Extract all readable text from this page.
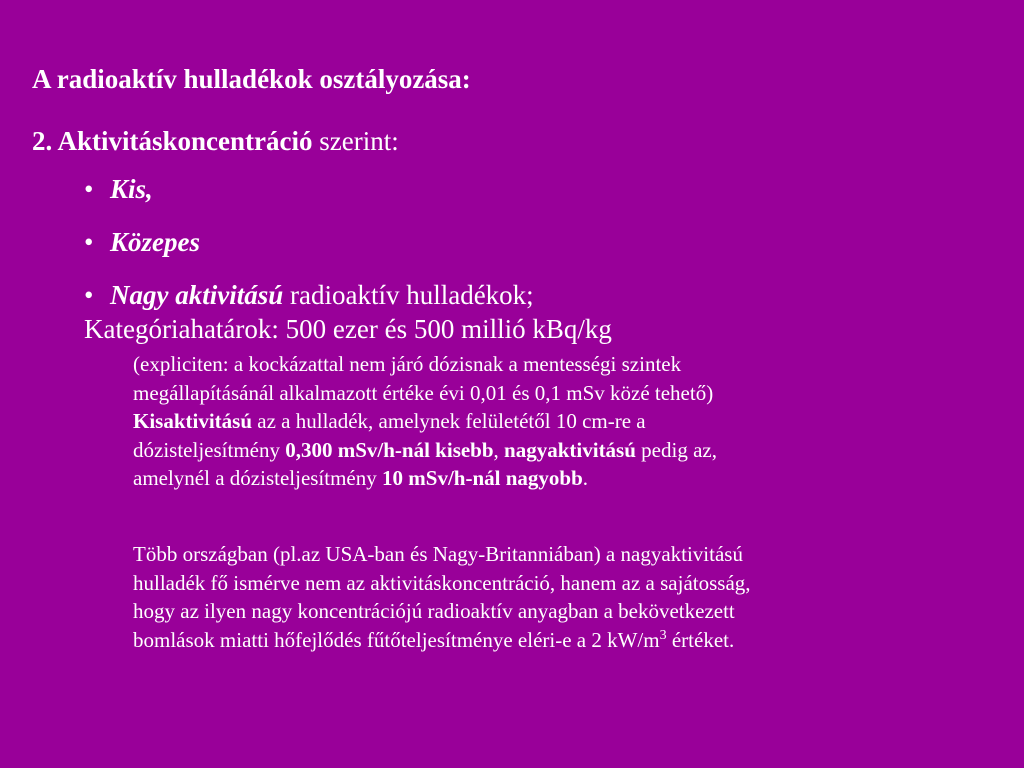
A radioaktív hulladékok osztályozása:
2. Aktivitáskoncentráció szerint:
• Kis,
• Közepes
• Nagy aktivitású radioaktív hulladékok;
Kategóriahatárok: 500 ezer és 500 millió kBq/kg
(expliciten: a kockázattal nem járó dózisnak a mentességi szintek
megállapításánál alkalmazott értéke évi 0,01 és 0,1 mSv közé tehető)
Kisaktivitású az a hulladék, amelynek felületétől 10 cm-re a
dózisteljesítmény 0,300 mSv/h-nál kisebb, nagyaktivitású pedig az,
amelynél a dózisteljesítmény 10 mSv/h-nál nagyobb.
Több országban (pl.az USA-ban és Nagy-Britanniában) a nagyaktivitású
hulladék fő ismérve nem az aktivitáskoncentráció, hanem az a sajátosság,
hogy az ilyen nagy koncentrációjú radioaktív anyagban a bekövetkezett
bomlások miatti hőfejlődés fűtőteljesítménye eléri-e a 2 $kW/m^3$ értéket.
